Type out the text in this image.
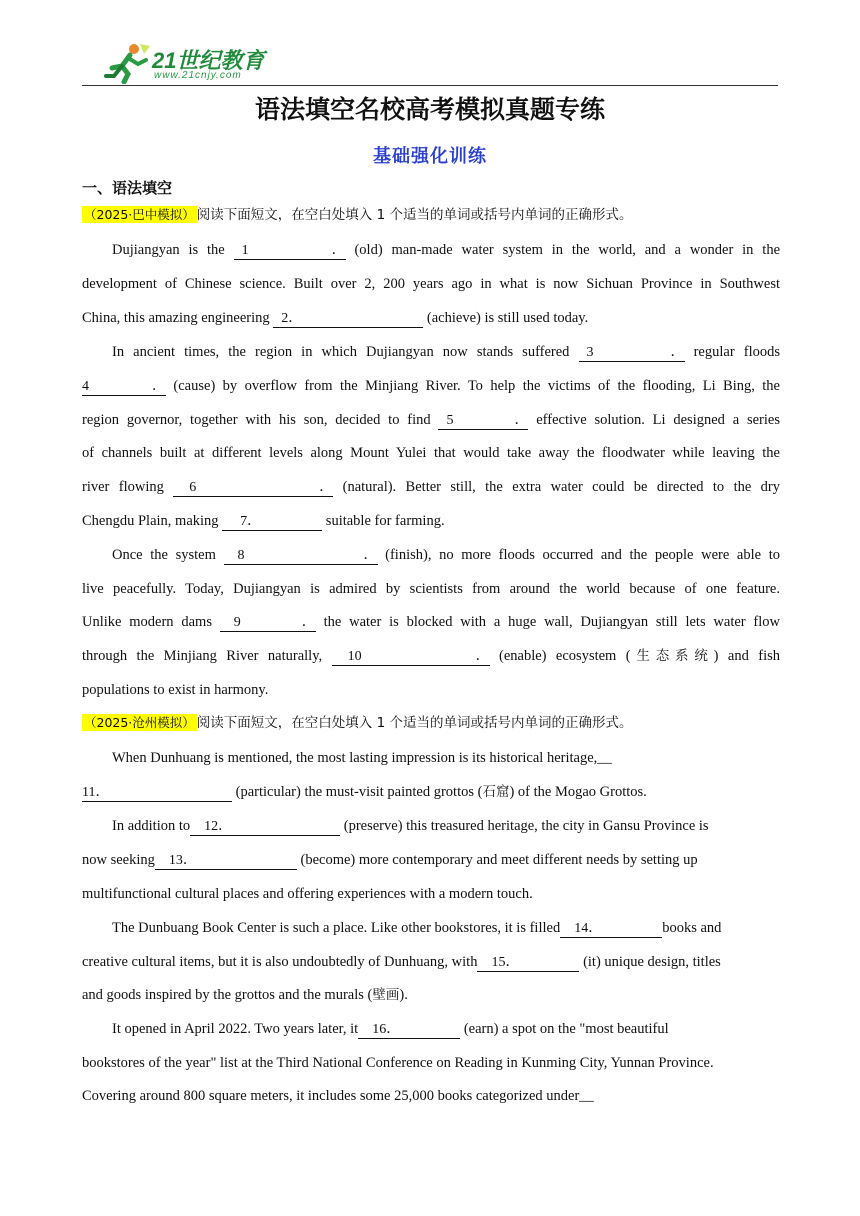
21世纪教育
www.21cnjy.com
语法填空名校高考模拟真题专练
基础强化训练
一、语法填空
（2025·巴中模拟） 阅读下面短文，在空白处填入 1 个适当的单词或括号内单词的正确形式。
Dujiangyan is the 1． (old) man-made water system in the world, and a wonder in the
development of Chinese science. Built over 2, 200 years ago in what is now Sichuan Province in Southwest
China, this amazing engineering 2．	(achieve) is still used today.
In ancient times, the region in which Dujiangyan now stands suffered 3． regular floods
4． (cause) by overflow from the Minjiang River. To help the victims of the flooding, Li Bing, the
region governor, together with his son, decided to find 5． effective solution. Li designed a series
of channels built at different levels along Mount Yulei that would take away the floodwater while leaving the
river flowing 6． (natural). Better still, the extra water could be directed to the dry
Chengdu Plain, making 7．	suitable for farming.
Once the system 8． (finish), no more floods occurred and the people were able to
live peacefully. Today, Dujiangyan is admired by scientists from around the world because of one feature.
Unlike modern dams 9． the water is blocked with a huge wall, Dujiangyan still lets water flow
through the Minjiang River naturally, 10． (enable) ecosystem (生态系统) and fish
populations to exist in harmony.
（2025·沧州模拟） 阅读下面短文，在空白处填入 1 个适当的单词或括号内单词的正确形式。
When Dunhuang is mentioned, the most lasting impression is its historical heritage,__
11．	(particular) the must-visit painted grottos (石窟) of the Mogao Grottos.
In addition to 12．	(preserve) this treasured heritage, the city in Gansu Province is
now seeking 13．	(become) more contemporary and meet different needs by setting up
multifunctional cultural places and offering experiences with a modern touch.
The Dunbuang Book Center is such a place. Like other bookstores, it is filled 14．	books and
creative cultural items, but it is also undoubtedly of Dunhuang, with 15．	(it) unique design, titles
and goods inspired by the grottos and the murals (壁画).
It opened in April 2022. Two years later, it 16．	(earn) a spot on the "most beautiful
bookstores of the year" list at the Third National Conference on Reading in Kunming City, Yunnan Province.
Covering around 800 square meters, it includes some 25,000 books categorized under__
